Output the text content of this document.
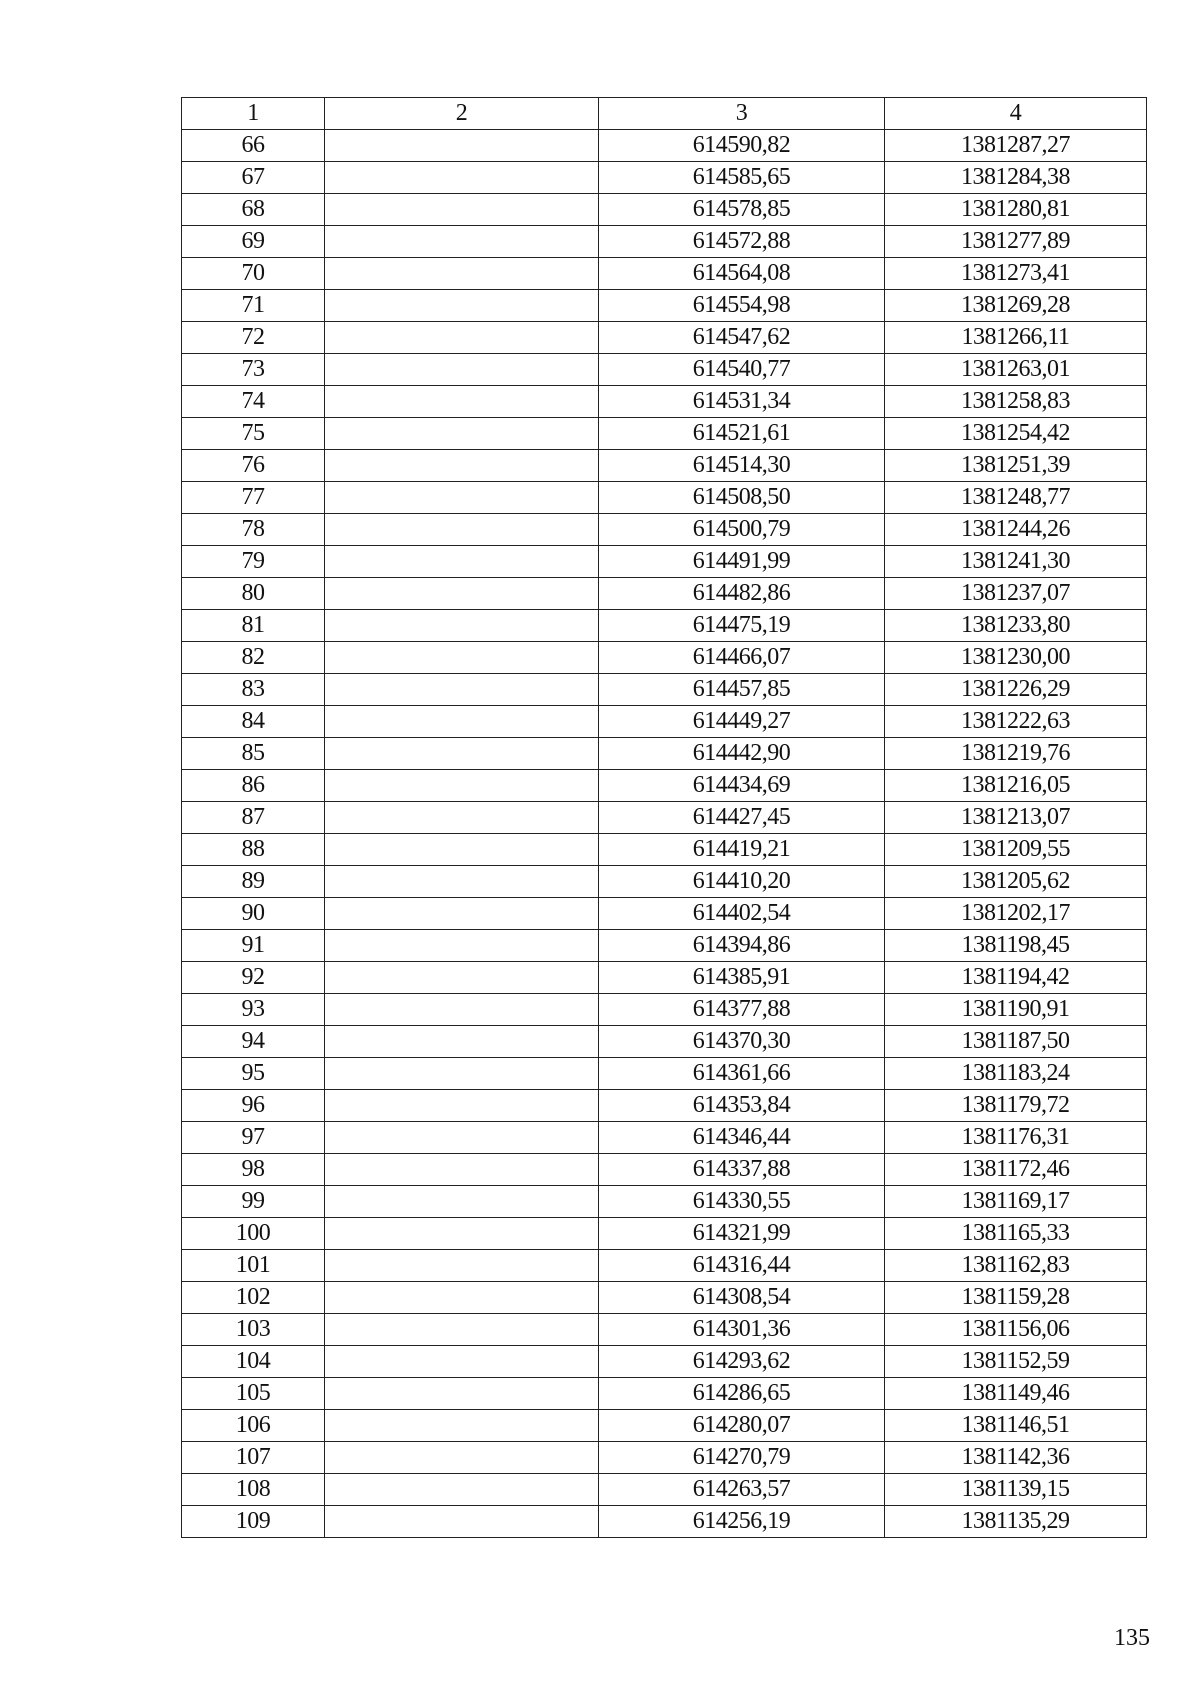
1	2	3	4
66		614590,82	1381287,27
67		614585,65	1381284,38
68		614578,85	1381280,81
69		614572,88	1381277,89
70		614564,08	1381273,41
71		614554,98	1381269,28
72		614547,62	1381266,11
73		614540,77	1381263,01
74		614531,34	1381258,83
75		614521,61	1381254,42
76		614514,30	1381251,39
77		614508,50	1381248,77
78		614500,79	1381244,26
79		614491,99	1381241,30
80		614482,86	1381237,07
81		614475,19	1381233,80
82		614466,07	1381230,00
83		614457,85	1381226,29
84		614449,27	1381222,63
85		614442,90	1381219,76
86		614434,69	1381216,05
87		614427,45	1381213,07
88		614419,21	1381209,55
89		614410,20	1381205,62
90		614402,54	1381202,17
91		614394,86	1381198,45
92		614385,91	1381194,42
93		614377,88	1381190,91
94		614370,30	1381187,50
95		614361,66	1381183,24
96		614353,84	1381179,72
97		614346,44	1381176,31
98		614337,88	1381172,46
99		614330,55	1381169,17
100		614321,99	1381165,33
101		614316,44	1381162,83
102		614308,54	1381159,28
103		614301,36	1381156,06
104		614293,62	1381152,59
105		614286,65	1381149,46
106		614280,07	1381146,51
107		614270,79	1381142,36
108		614263,57	1381139,15
109		614256,19	1381135,29
135
